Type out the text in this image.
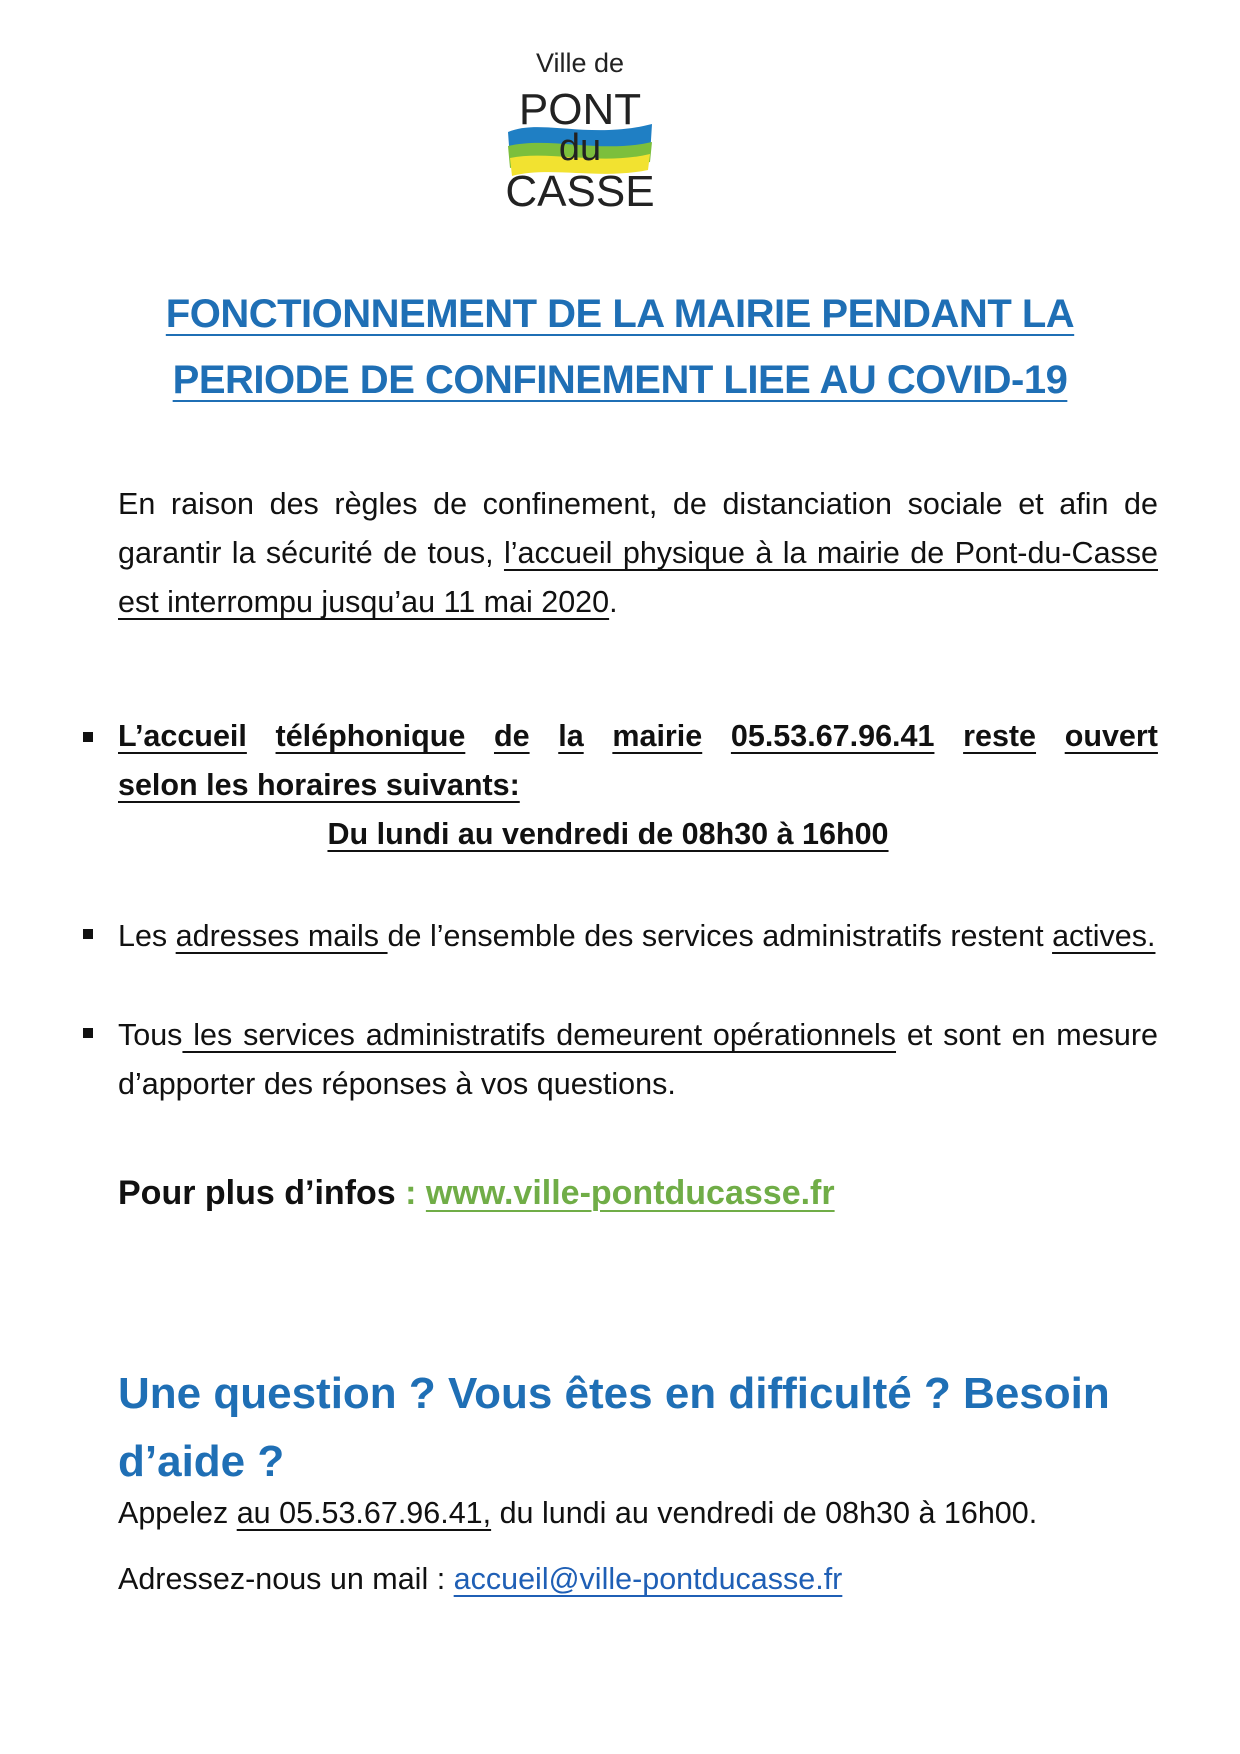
Ville de
PONT
du
CASSE
FONCTIONNEMENT DE LA MAIRIE PENDANT LA
PERIODE DE CONFINEMENT LIEE AU COVID-19
En raison des règles de confinement, de distanciation sociale et afin de garantir la sécurité de tous, l’accueil physique à la mairie de Pont-du-Casse est interrompu jusqu’au 11 mai 2020.
L’accueil téléphonique de la mairie 05.53.67.96.41 reste ouvert
selon les horaires suivants:
Du lundi au vendredi de 08h30 à 16h00
Les adresses mails de l’ensemble des services administratifs restent actives.
Tous les services administratifs demeurent opérationnels et sont en mesure d’apporter des réponses à vos questions.
Pour plus d’infos : www.ville-pontducasse.fr
Une question ? Vous êtes en difficulté ? Besoin d’aide ?
Appelez au 05.53.67.96.41, du lundi au vendredi de 08h30 à 16h00.
Adressez-nous un mail : accueil@ville-pontducasse.fr
